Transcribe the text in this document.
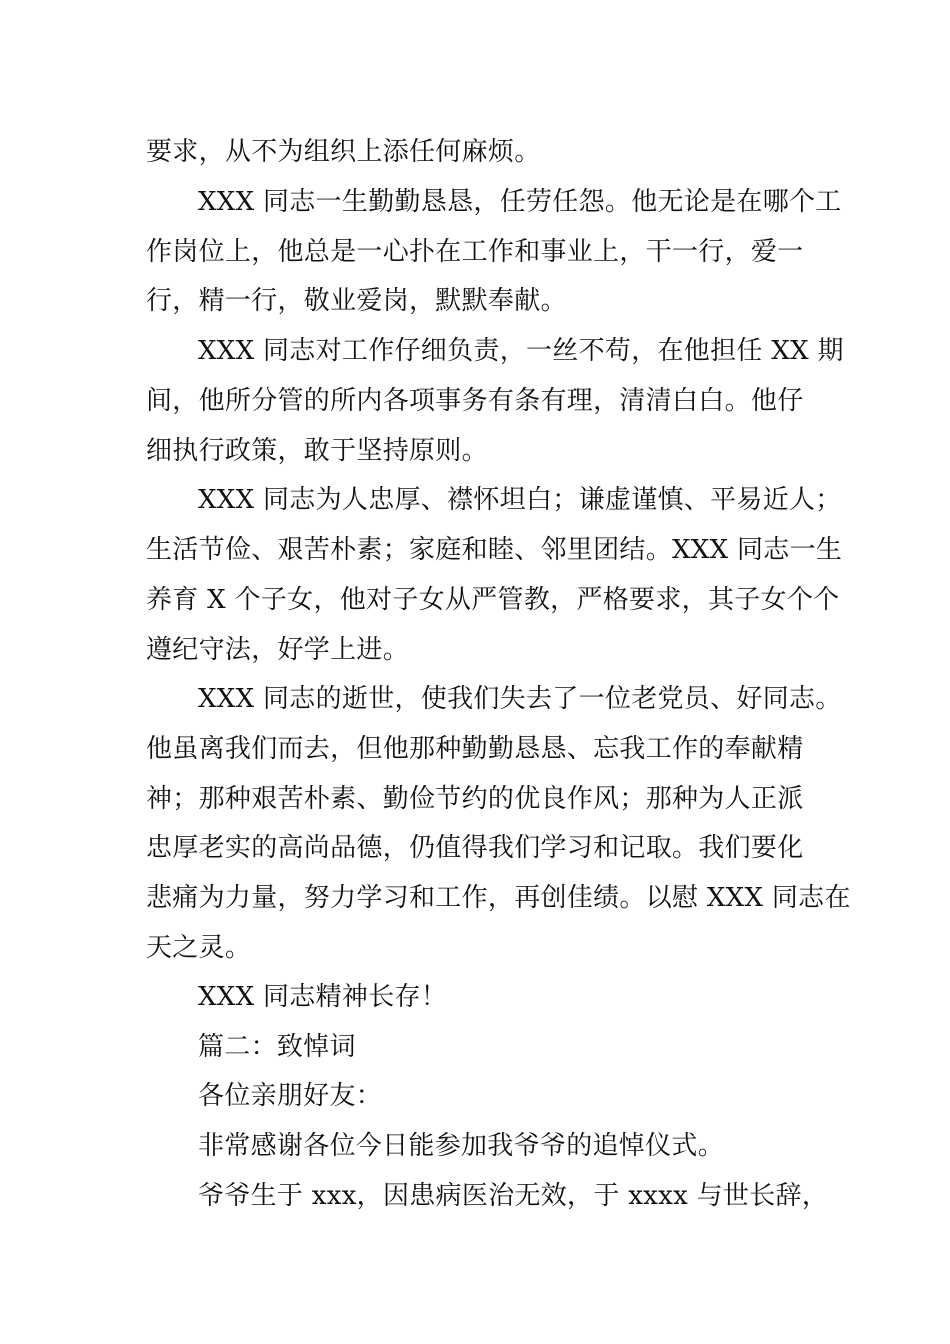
要求，从不为组织上添任何麻烦。
XXX 同志一生勤勤恳恳，任劳任怨。他无论是在哪个工
作岗位上，他总是一心扑在工作和事业上，干一行，爱一
行，精一行，敬业爱岗，默默奉献。
XXX 同志对工作仔细负责，一丝不苟，在他担任 XX 期
间，他所分管的所内各项事务有条有理，清清白白。他仔
细执行政策，敢于坚持原则。
XXX 同志为人忠厚、襟怀坦白；谦虚谨慎、平易近人；
生活节俭、艰苦朴素；家庭和睦、邻里团结。XXX 同志一生
养育 X 个子女，他对子女从严管教，严格要求，其子女个个
遵纪守法，好学上进。
XXX 同志的逝世，使我们失去了一位老党员、好同志。
他虽离我们而去，但他那种勤勤恳恳、忘我工作的奉献精
神；那种艰苦朴素、勤俭节约的优良作风；那种为人正派
忠厚老实的高尚品德，仍值得我们学习和记取。我们要化
悲痛为力量，努力学习和工作，再创佳绩。以慰 XXX 同志在
天之灵。
XXX 同志精神长存！
篇二：致悼词
各位亲朋好友：
非常感谢各位今日能参加我爷爷的追悼仪式。
爷爷生于 xxx，因患病医治无效，于 xxxx 与世长辞，
